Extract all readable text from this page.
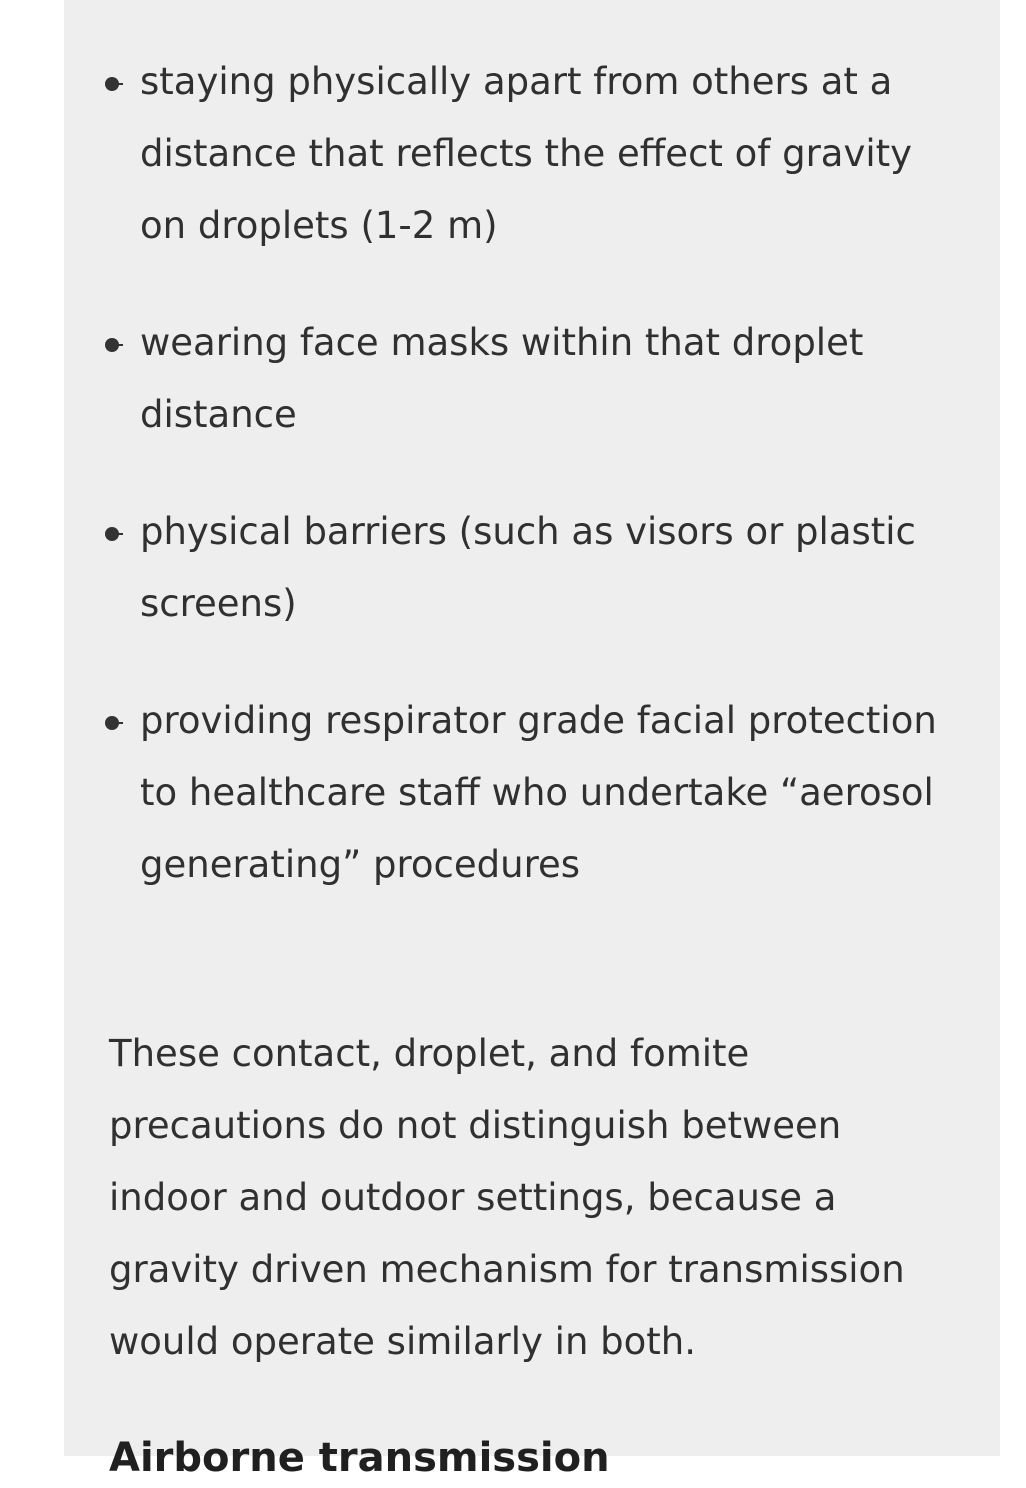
staying physically apart from others at a distance that reflects the effect of gravity on droplets (1-2 m)
wearing face masks within that droplet distance
physical barriers (such as visors or plastic screens)
providing respirator grade facial protection to healthcare staff who undertake “aerosol generating” procedures

These contact, droplet, and fomite precautions do not distinguish between indoor and outdoor settings, because a gravity driven mechanism for transmission would operate similarly in both.

Airborne transmission
